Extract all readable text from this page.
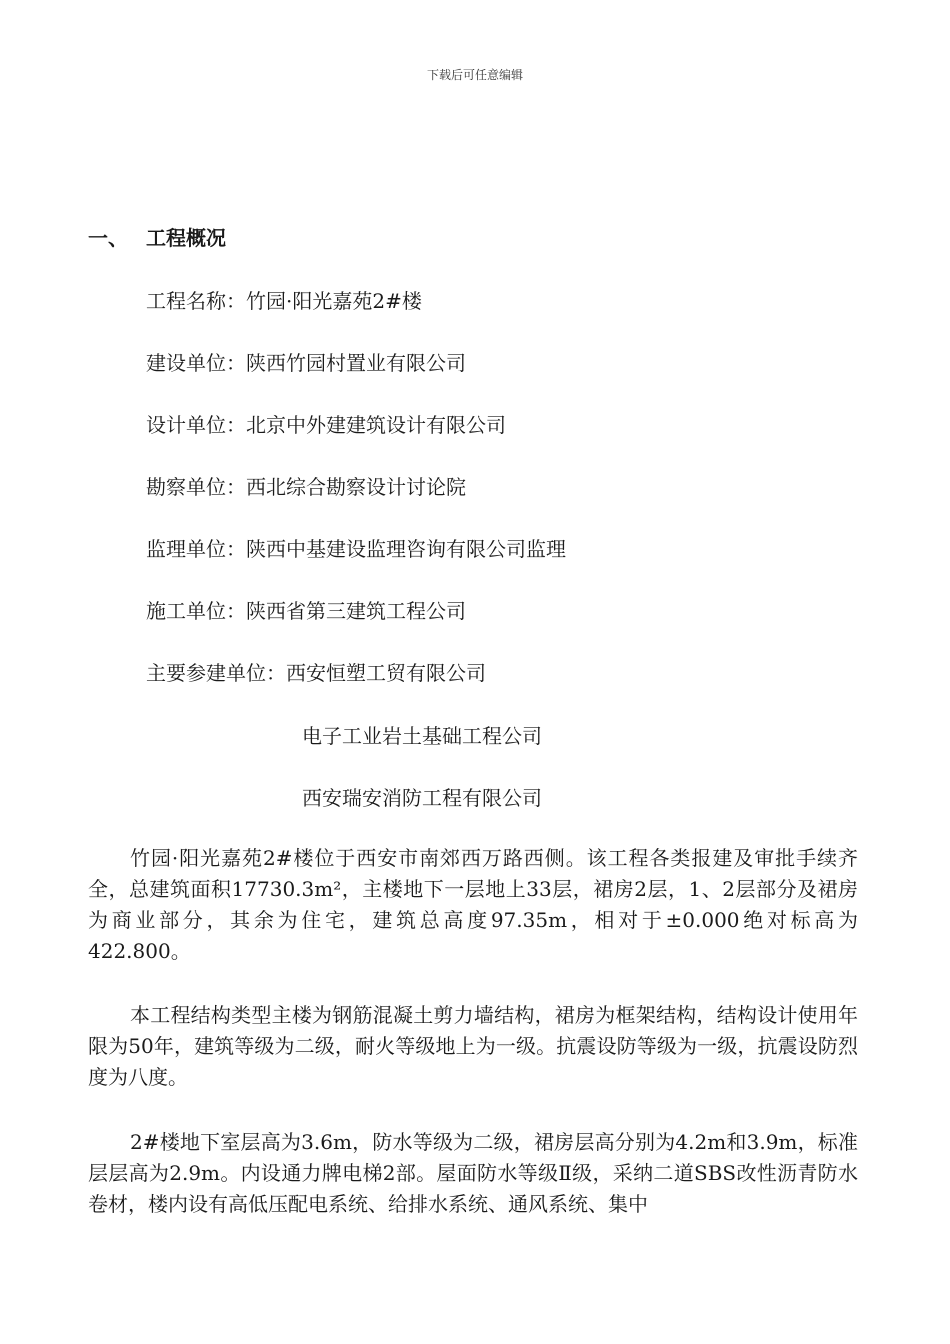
下载后可任意编辑
一、 工程概况
工程名称：竹园·阳光嘉苑2#楼
建设单位：陕西竹园村置业有限公司
设计单位：北京中外建建筑设计有限公司
勘察单位：西北综合勘察设计讨论院
监理单位：陕西中基建设监理咨询有限公司监理
施工单位：陕西省第三建筑工程公司
主要参建单位：西安恒塑工贸有限公司
电子工业岩土基础工程公司
西安瑞安消防工程有限公司
竹园·阳光嘉苑2#楼位于西安市南郊西万路西侧。该工程各类报建及审批手续齐全，总建筑面积17730.3m²，主楼地下一层地上33层，裙房2层，1、2层部分及裙房为商业部分，其余为住宅，建筑总高度97.35m，相对于±0.000绝对标高为422.800。
本工程结构类型主楼为钢筋混凝土剪力墙结构，裙房为框架结构，结构设计使用年限为50年，建筑等级为二级，耐火等级地上为一级。抗震设防等级为一级，抗震设防烈度为八度。
2#楼地下室层高为3.6m，防水等级为二级，裙房层高分别为4.2m和3.9m，标准层层高为2.9m。内设通力牌电梯2部。屋面防水等级Ⅱ级，采纳二道SBS改性沥青防水卷材，楼内设有高低压配电系统、给排水系统、通风系统、集中
